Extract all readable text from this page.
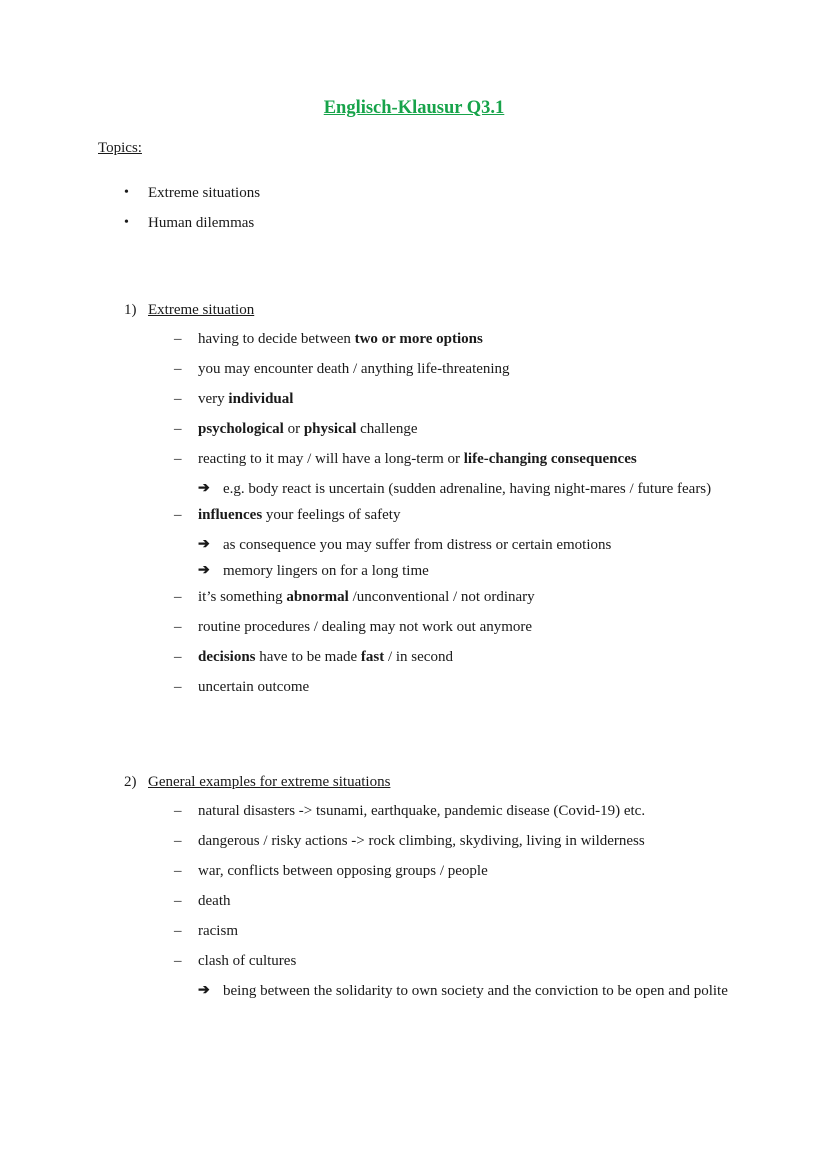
Englisch-Klausur Q3.1
Topics:
• Extreme situations
• Human dilemmas
1) Extreme situation
– having to decide between two or more options
– you may encounter death / anything life-threatening
– very individual
– psychological or physical challenge
– reacting to it may / will have a long-term or life-changing consequences
➔ e.g. body react is uncertain (sudden adrenaline, having night-mares / future fears)
– influences your feelings of safety
➔ as consequence you may suffer from distress or certain emotions
➔ memory lingers on for a long time
– it’s something abnormal /unconventional / not ordinary
– routine procedures / dealing may not work out anymore
– decisions have to be made fast / in second
– uncertain outcome
2) General examples for extreme situations
– natural disasters -> tsunami, earthquake, pandemic disease (Covid-19) etc.
– dangerous / risky actions -> rock climbing, skydiving, living in wilderness
– war, conflicts between opposing groups / people
– death
– racism
– clash of cultures
➔ being between the solidarity to own society and the conviction to be open and polite
